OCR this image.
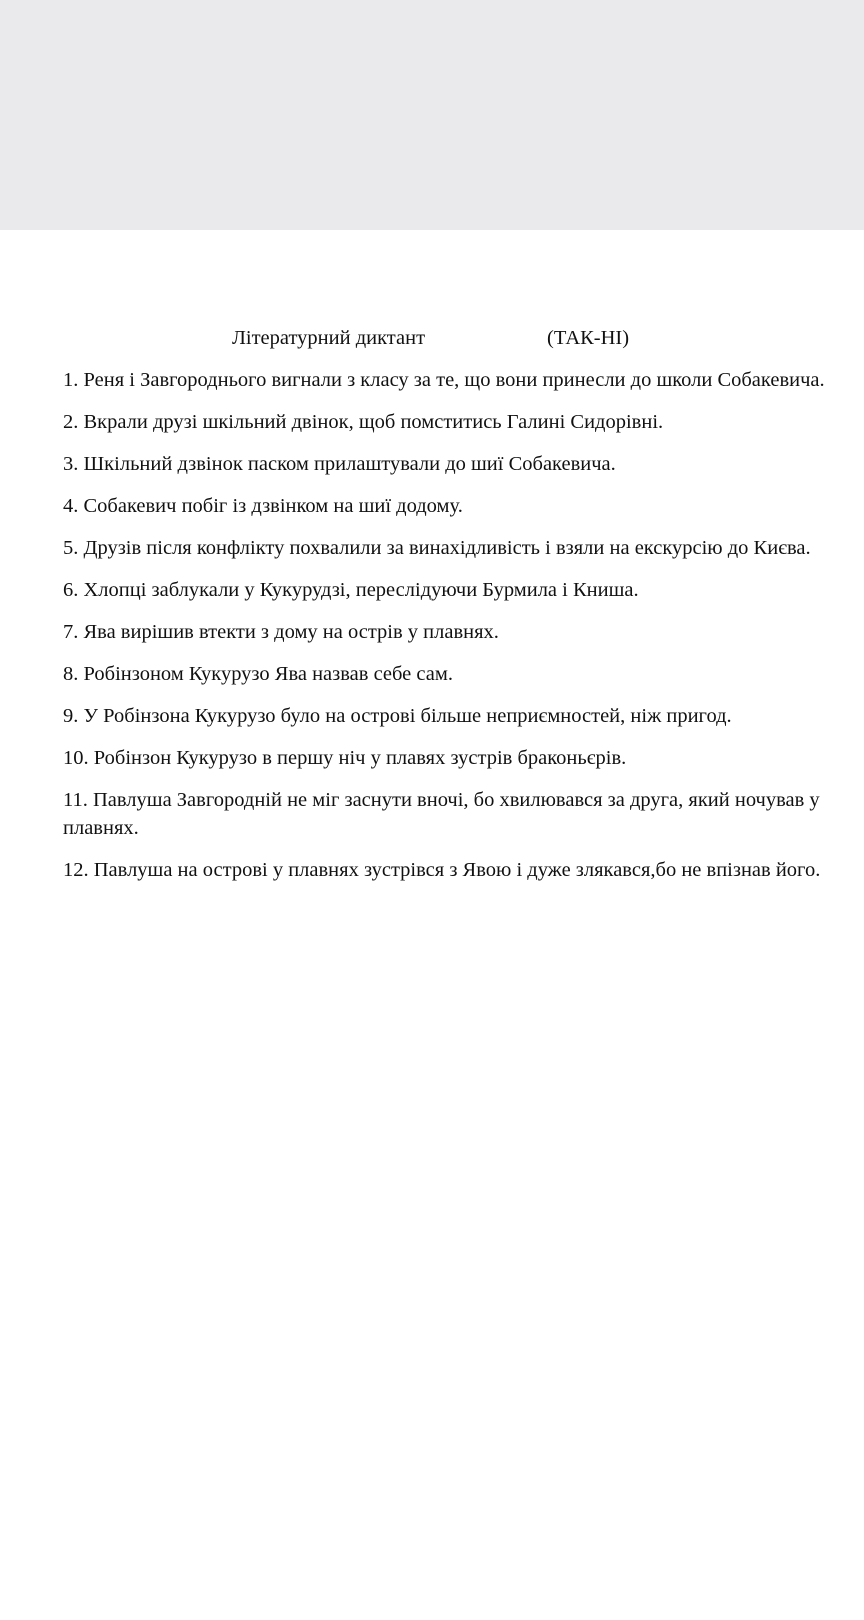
Літературний диктант	(ТАК-НІ)
1. Реня і Завгороднього вигнали з класу за те, що вони принесли до школи Собакевича.
2. Вкрали друзі шкільний двінок, щоб помститись Галині Сидорівні.
3. Шкільний дзвінок паском прилаштували до шиї Собакевича.
4. Собакевич побіг із дзвінком на шиї додому.
5. Друзів після конфлікту похвалили за винахідливість і взяли на екскурсію до Києва.
6. Хлопці заблукали у Кукурудзі, переслідуючи Бурмила і Книша.
7. Ява вирішив втекти з дому на острів у плавнях.
8. Робінзоном Кукурузо Ява назвав себе сам.
9. У Робінзона Кукурузо було на острові більше неприємностей, ніж пригод.
10. Робінзон Кукурузо в першу ніч у плавях зустрів браконьєрів.
11. Павлуша Завгородній не міг заснути вночі, бо хвилювався за друга, який ночував у плавнях.
12. Павлуша на острові у плавнях зустрівся з Явою і дуже злякався,бо не впізнав його.
